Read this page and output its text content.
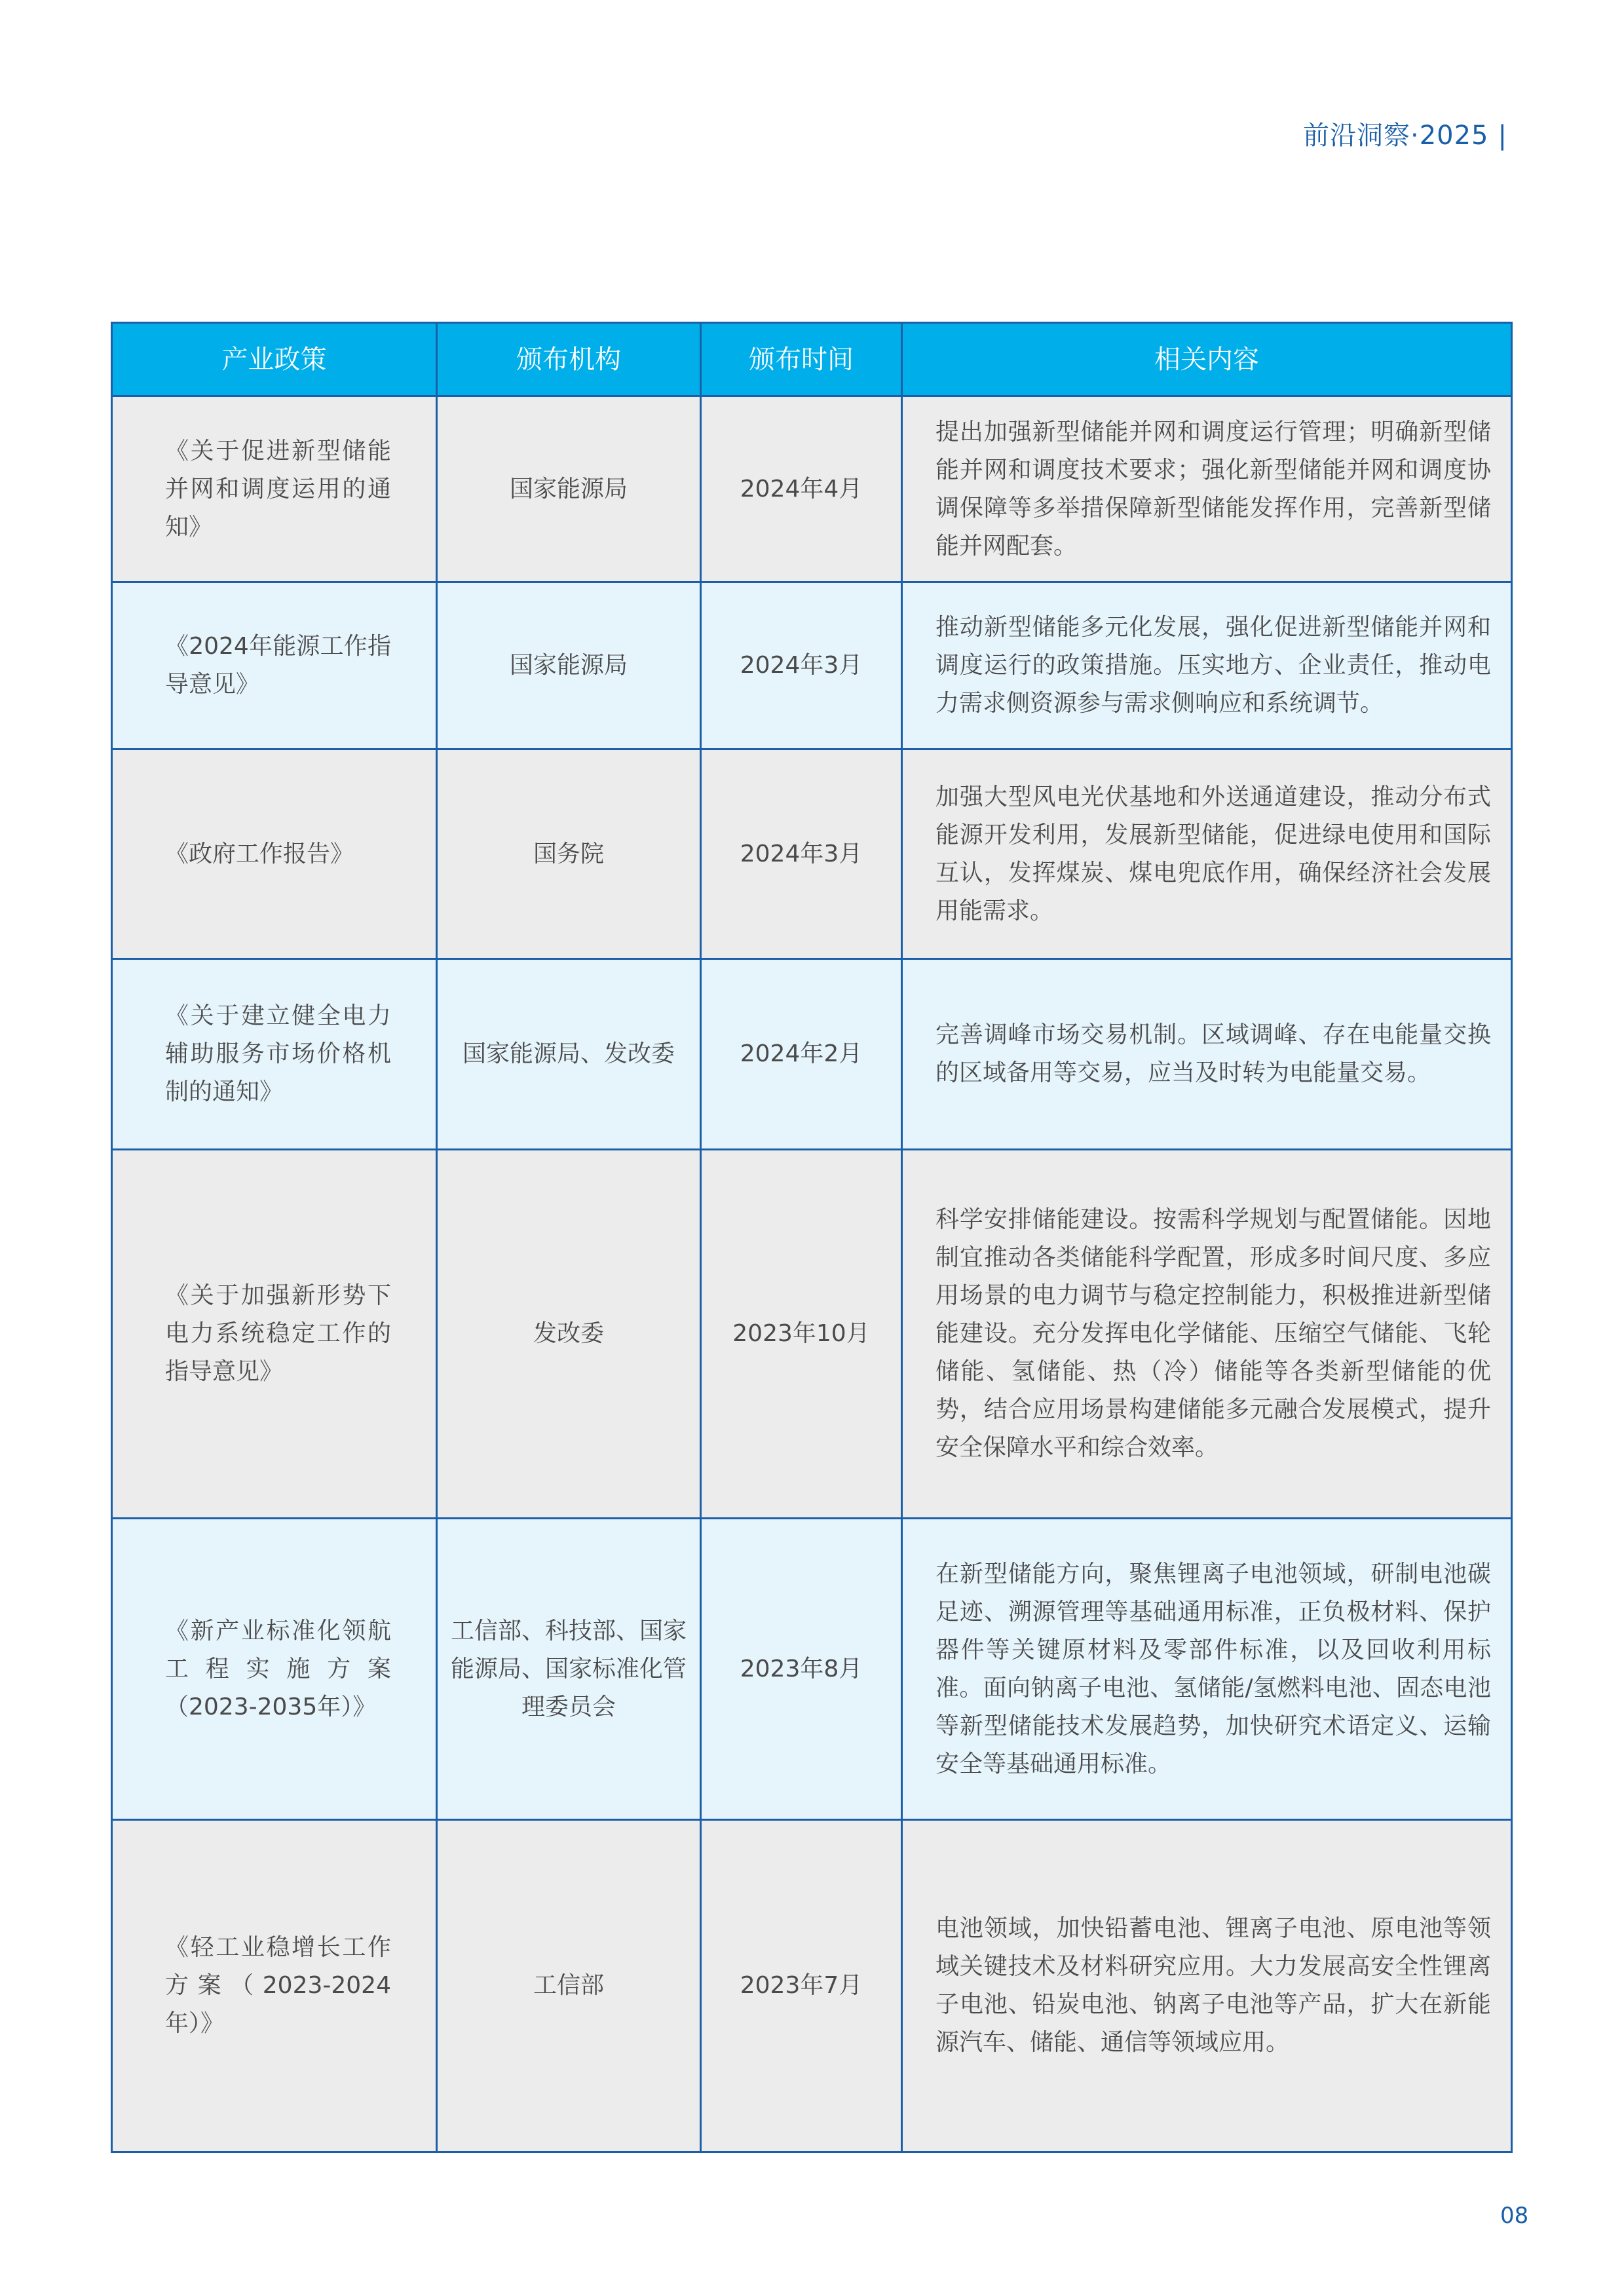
前沿洞察·2025 |
产业政策	颁布机构	颁布时间	相关内容
《关于促进新型储能并网和调度运用的通知》	国家能源局	2024年4月	提出加强新型储能并网和调度运行管理；明确新型储能并网和调度技术要求；强化新型储能并网和调度协调保障等多举措保障新型储能发挥作用，完善新型储能并网配套。
《2024年能源工作指导意见》	国家能源局	2024年3月	推动新型储能多元化发展，强化促进新型储能并网和调度运行的政策措施。压实地方、企业责任，推动电力需求侧资源参与需求侧响应和系统调节。
《政府工作报告》	国务院	2024年3月	加强大型风电光伏基地和外送通道建设，推动分布式能源开发利用，发展新型储能，促进绿电使用和国际互认，发挥煤炭、煤电兜底作用，确保经济社会发展用能需求。
《关于建立健全电力辅助服务市场价格机制的通知》	国家能源局、发改委	2024年2月	完善调峰市场交易机制。区域调峰、存在电能量交换的区域备用等交易，应当及时转为电能量交易。
《关于加强新形势下电力系统稳定工作的指导意见》	发改委	2023年10月	科学安排储能建设。按需科学规划与配置储能。因地制宜推动各类储能科学配置，形成多时间尺度、多应用场景的电力调节与稳定控制能力，积极推进新型储能建设。充分发挥电化学储能、压缩空气储能、飞轮储能、氢储能、热（冷）储能等各类新型储能的优势，结合应用场景构建储能多元融合发展模式，提升安全保障水平和综合效率。
《新产业标准化领航工程实施方案（2023-2035年）》	工信部、科技部、国家能源局、国家标准化管理委员会	2023年8月	在新型储能方向，聚焦锂离子电池领域，研制电池碳足迹、溯源管理等基础通用标准，正负极材料、保护器件等关键原材料及零部件标准，以及回收利用标准。面向钠离子电池、氢储能/氢燃料电池、固态电池等新型储能技术发展趋势，加快研究术语定义、运输安全等基础通用标准。
《轻工业稳增长工作方案（2023-2024年）》	工信部	2023年7月	电池领域，加快铅蓄电池、锂离子电池、原电池等领域关键技术及材料研究应用。大力发展高安全性锂离子电池、铅炭电池、钠离子电池等产品，扩大在新能源汽车、储能、通信等领域应用。
08
